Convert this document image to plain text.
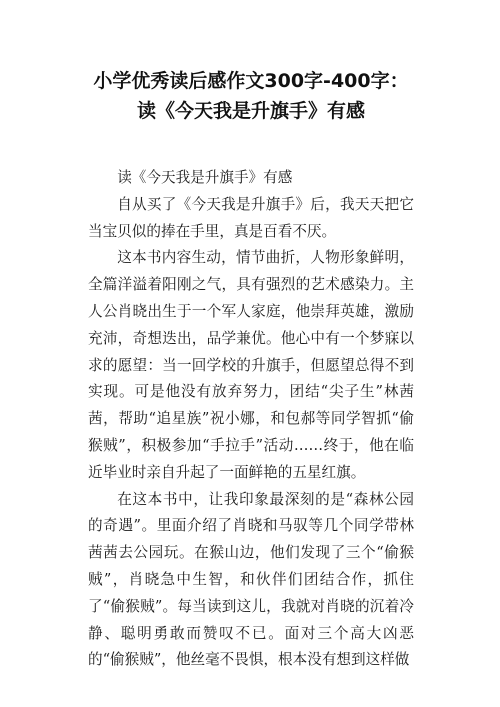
小学优秀读后感作文300字-400字：
读《今天我是升旗手》有感

读《今天我是升旗手》有感

自从买了《今天我是升旗手》后，我天天把它当宝贝似的捧在手里，真是百看不厌。

这本书内容生动，情节曲折，人物形象鲜明，全篇洋溢着阳刚之气，具有强烈的艺术感染力。主人公肖晓出生于一个军人家庭，他崇拜英雄，激励充沛，奇想迭出，品学兼优。他心中有一个梦寐以求的愿望：当一回学校的升旗手，但愿望总得不到实现。可是他没有放弃努力，团结“尖子生”林茜茜，帮助“追星族”祝小娜，和包郝等同学智抓“偷猴贼”，积极参加“手拉手”活动……终于，他在临近毕业时亲自升起了一面鲜艳的五星红旗。

在这本书中，让我印象最深刻的是“森林公园的奇遇”。里面介绍了肖晓和马驭等几个同学带林茜茜去公园玩。在猴山边，他们发现了三个“偷猴贼”，肖晓急中生智，和伙伴们团结合作，抓住了“偷猴贼”。每当读到这儿，我就对肖晓的沉着冷静、聪明勇敢而赞叹不已。面对三个高大凶恶的“偷猴贼”，他丝毫不畏惧，根本没有想到这样做
